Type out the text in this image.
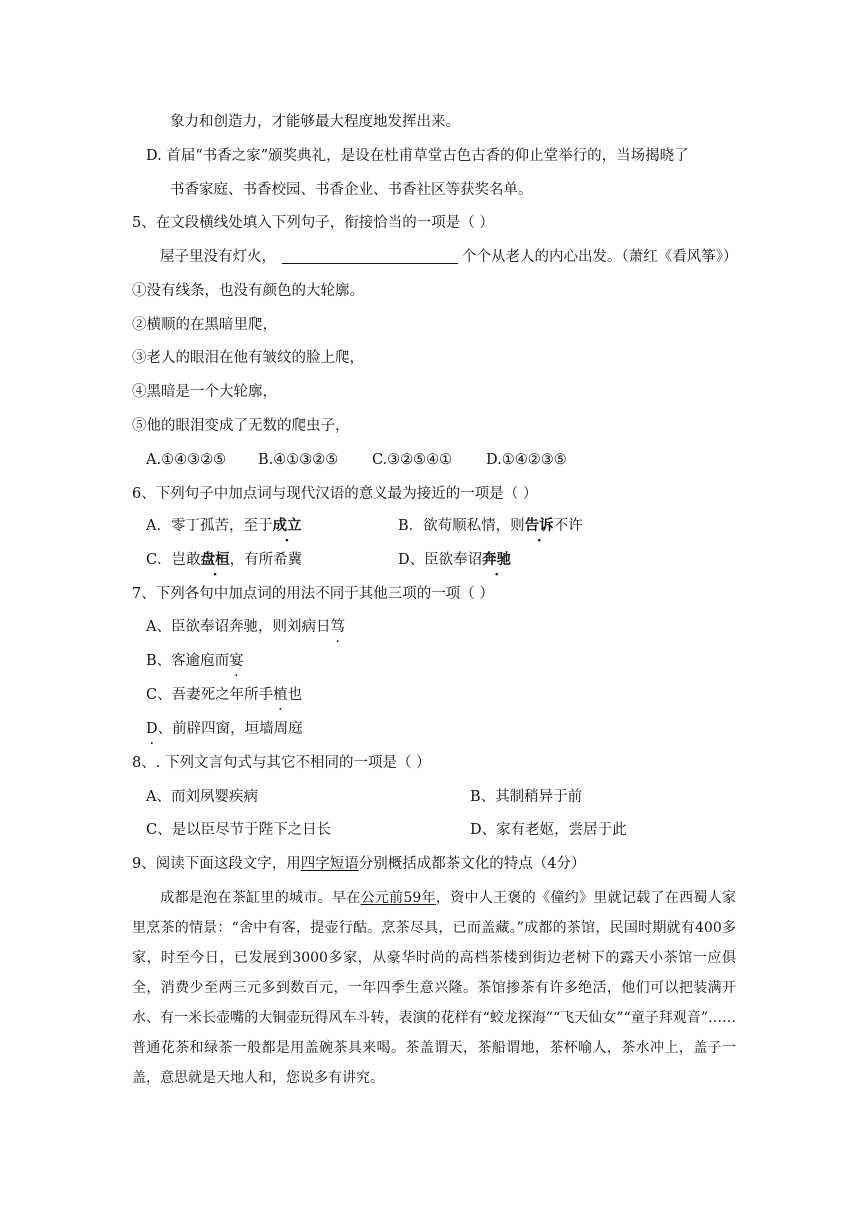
象力和创造力，才能够最大程度地发挥出来。
D. 首届“书香之家”颁奖典礼，是设在杜甫草堂古色古香的仰止堂举行的，当场揭晓了
书香家庭、书香校园、书香企业、书香社区等获奖名单。
5、在文段横线处填入下列句子，衔接恰当的一项是（ ）
屋子里没有灯火，	个个从老人的内心出发。（萧红《看风筝》）
①没有线条，也没有颜色的大轮廓。
②横顺的在黑暗里爬，
③老人的眼泪在他有皱纹的脸上爬，
④黑暗是一个大轮廓，
⑤他的眼泪变成了无数的爬虫子，
A.①④③②⑤ B.④①③②⑤ C.③②⑤④① D.①④②③⑤
6、下列句子中加点词与现代汉语的意义最为接近的一项是（ ）
A．零丁孤苦，至于成立	B．欲苟顺私情，则告诉不许
C．岂敢盘桓，有所希冀	D、臣欲奉诏奔驰
7、下列各句中加点词的用法不同于其他三项的一项（ ）
A、臣欲奉诏奔驰，则刘病日笃
B、客逾庖而宴
C、吾妻死之年所手植也
D ·、前辟四窗，垣墙周庭
8、. 下列文言句式与其它不相同的一项是（ ）
A、而刘夙婴疾病	B、其制稍异于前
C、是以臣尽节于陛下之日长	D、家有老妪，尝居于此
9、阅读下面这段文字，用四字短语分别概括成都茶文化的特点（4分）
成都是泡在茶缸里的城市。早在公元前59年，资中人王褒的《僮约》里就记载了在西蜀人家里烹茶的情景：“舍中有客，提壶行酤。烹茶尽具，已而盖藏。”成都的茶馆，民国时期就有400多家，时至今日，已发展到3000多家，从豪华时尚的高档茶楼到街边老树下的露天小茶馆一应俱全，消费少至两三元多到数百元，一年四季生意兴隆。茶馆掺茶有许多绝活，他们可以把装满开水、有一米长壶嘴的大铜壶玩得风车斗转，表演的花样有“蛟龙探海”“飞天仙女”“童子拜观音”……普通花茶和绿茶一般都是用盖碗茶具来喝。茶盖谓天，茶船谓地，茶杯喻人，茶水冲上，盖子一盖，意思就是天地人和，您说多有讲究。
